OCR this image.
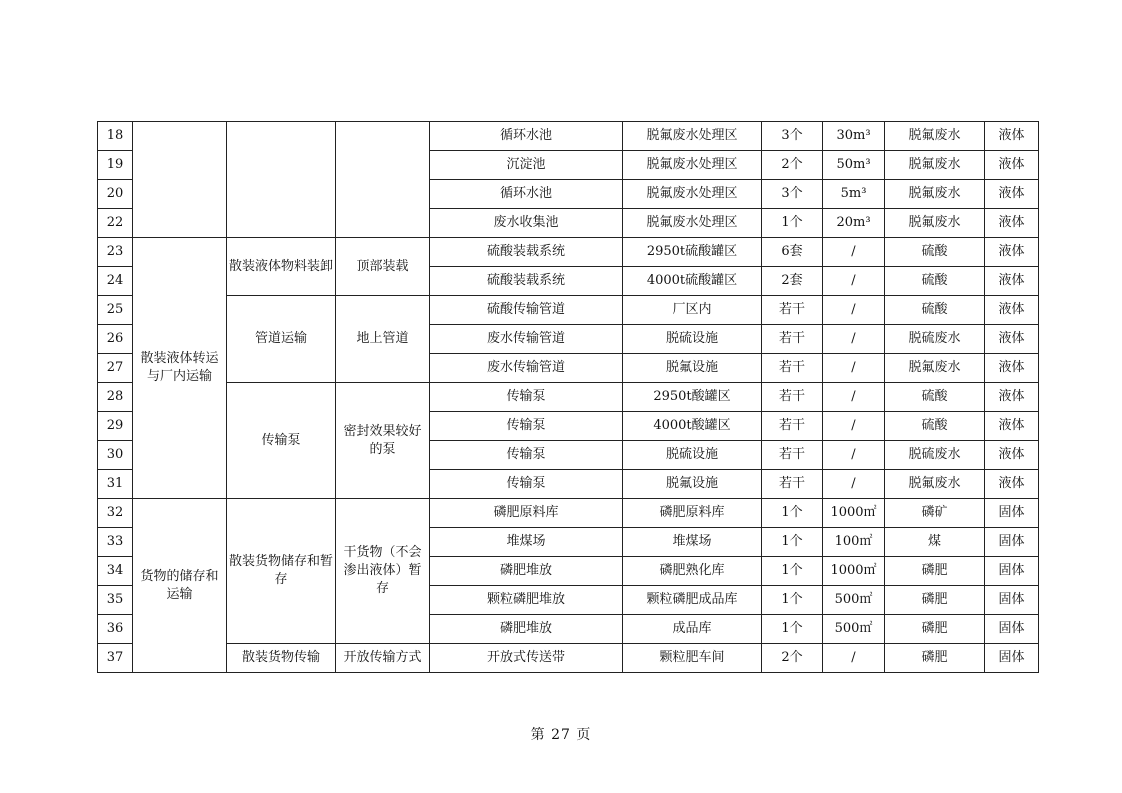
18				循环水池	脱氟废水处理区	3个	30m³	脱氟废水	液体
19				沉淀池	脱氟废水处理区	2个	50m³	脱氟废水	液体
20				循环水池	脱氟废水处理区	3个	5m³	脱氟废水	液体
22				废水收集池	脱氟废水处理区	1个	20m³	脱氟废水	液体
23	散装液体转运与厂内运输	散装液体物料装卸	顶部装载	硫酸装载系统	2950t硫酸罐区	6套	/	硫酸	液体
24				硫酸装载系统	4000t硫酸罐区	2套	/	硫酸	液体
25		管道运输	地上管道	硫酸传输管道	厂区内	若干	/	硫酸	液体
26				废水传输管道	脱硫设施	若干	/	脱硫废水	液体
27				废水传输管道	脱氟设施	若干	/	脱氟废水	液体
28		传输泵	密封效果较好的泵	传输泵	2950t酸罐区	若干	/	硫酸	液体
29				传输泵	4000t酸罐区	若干	/	硫酸	液体
30				传输泵	脱硫设施	若干	/	脱硫废水	液体
31				传输泵	脱氟设施	若干	/	脱氟废水	液体
32	货物的储存和运输	散装货物储存和暂存	干货物（不会渗出液体）暂存	磷肥原料库	磷肥原料库	1个	1000㎡	磷矿	固体
33				堆煤场	堆煤场	1个	100㎡	煤	固体
34				磷肥堆放	磷肥熟化库	1个	1000㎡	磷肥	固体
35				颗粒磷肥堆放	颗粒磷肥成品库	1个	500㎡	磷肥	固体
36				磷肥堆放	成品库	1个	500㎡	磷肥	固体
37		散装货物传输	开放传输方式	开放式传送带	颗粒肥车间	2个	/	磷肥	固体
第 27 页
